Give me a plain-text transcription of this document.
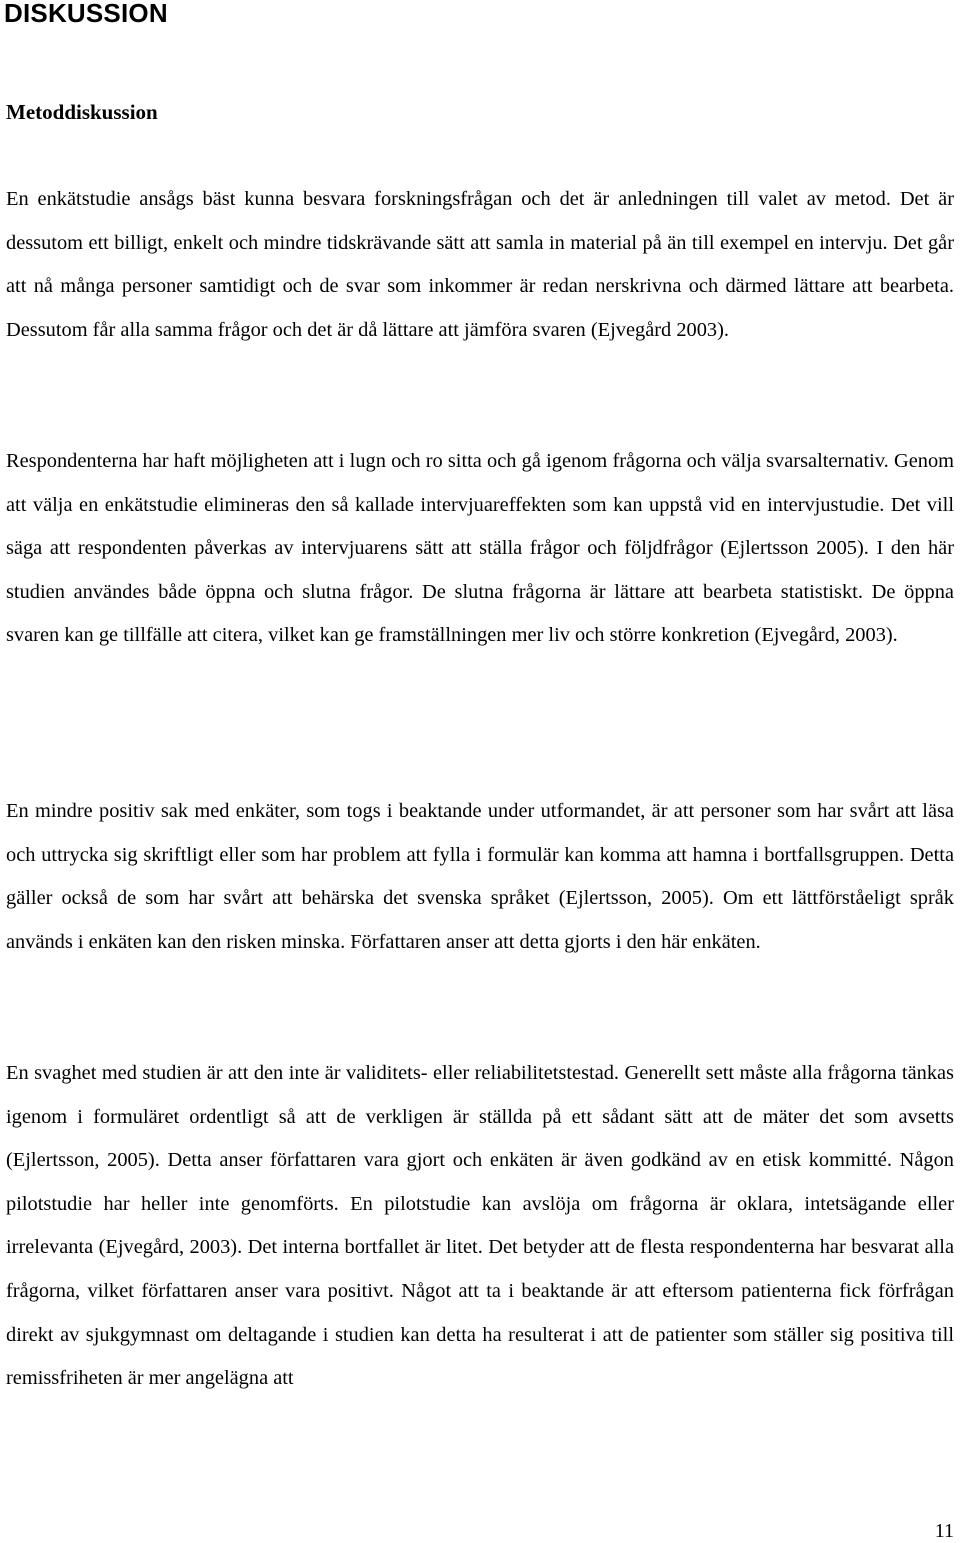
DISKUSSION
Metoddiskussion

En enkätstudie ansågs bäst kunna besvara forskningsfrågan och det är anledningen till valet av metod. Det är dessutom ett billigt, enkelt och mindre tidskrävande sätt att samla in material på än till exempel en intervju. Det går att nå många personer samtidigt och de svar som inkommer är redan nerskrivna och därmed lättare att bearbeta. Dessutom får alla samma frågor och det är då lättare att jämföra svaren (Ejvegård 2003).

Respondenterna har haft möjligheten att i lugn och ro sitta och gå igenom frågorna och välja svarsalternativ. Genom att välja en enkätstudie elimineras den så kallade intervjuareffekten som kan uppstå vid en intervjustudie. Det vill säga att respondenten påverkas av intervjuarens sätt att ställa frågor och följdfrågor (Ejlertsson 2005). I den här studien användes både öppna och slutna frågor. De slutna frågorna är lättare att bearbeta statistiskt. De öppna svaren kan ge tillfälle att citera, vilket kan ge framställningen mer liv och större konkretion (Ejvegård, 2003).

En mindre positiv sak med enkäter, som togs i beaktande under utformandet, är att personer som har svårt att läsa och uttrycka sig skriftligt eller som har problem att fylla i formulär kan komma att hamna i bortfallsgruppen. Detta gäller också de som har svårt att behärska det svenska språket (Ejlertsson, 2005). Om ett lättförståeligt språk används i enkäten kan den risken minska. Författaren anser att detta gjorts i den här enkäten.

En svaghet med studien är att den inte är validitets- eller reliabilitetstestad. Generellt sett måste alla frågorna tänkas igenom i formuläret ordentligt så att de verkligen är ställda på ett sådant sätt att de mäter det som avsetts (Ejlertsson, 2005). Detta anser författaren vara gjort och enkäten är även godkänd av en etisk kommitté. Någon pilotstudie har heller inte genomförts. En pilotstudie kan avslöja om frågorna är oklara, intetsägande eller irrelevanta (Ejvegård, 2003). Det interna bortfallet är litet. Det betyder att de flesta respondenterna har besvarat alla frågorna, vilket författaren anser vara positivt. Något att ta i beaktande är att eftersom patienterna fick förfrågan direkt av sjukgymnast om deltagande i studien kan detta ha resulterat i att de patienter som ställer sig positiva till remissfriheten är mer angelägna att

11
